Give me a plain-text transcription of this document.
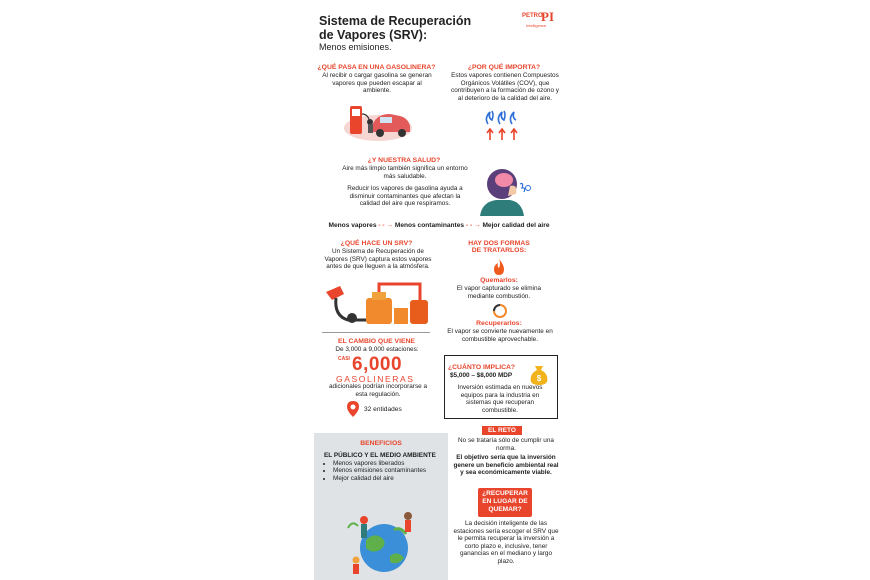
Sistema de Recuperación
de Vapores (SRV):
Menos emisiones.
PETRO
PI
Intelligence
¿QUÉ PASA EN UNA GASOLINERA?
Al recibir o cargar gasolina se generan vapores que pueden escapar al ambiente.
¿POR QUÉ IMPORTA?
Estos vapores contienen Compuestos Orgánicos Volátiles (COV), que contribuyen a la formación de ozono y al deterioro de la calidad del aire.
¿Y NUESTRA SALUD?
Aire más limpio también significa un entorno más saludable.
Reducir los vapores de gasolina ayuda a disminuir contaminantes que afectan la calidad del aire que respiramos.
Menos vapores - - → Menos contaminantes - - → Mejor calidad del aire
¿QUÉ HACE UN SRV?
Un Sistema de Recuperación de Vapores (SRV) captura estos vapores antes de que lleguen a la atmósfera.
HAY DOS FORMAS
DE TRATARLOS:
Quemarlos:
El vapor capturado se elimina mediante combustión.
Recuperarlos:
El vapor se convierte nuevamente en combustible aprovechable.
EL CAMBIO QUE VIENE
De 3,000 a 9,000 estaciones:
CASI 6,000
GASOLINERAS
adicionales podrían incorporarse a esta regulación.
32 entidades
¿CUÁNTO IMPLICA?
$5,000 – $8,000 MDP	$
Inversión estimada en nuevos equipos para la industria en sistemas que recuperan combustible.
BENEFICIOS
EL PÚBLICO Y EL MEDIO AMBIENTE
• Menos vapores liberados
• Menos emisiones contaminantes
• Mejor calidad del aire
EL RETO
No se trataría sólo de cumplir una norma.
El objetivo sería que la inversión genere un beneficio ambiental real y sea económicamente viable.
¿RECUPERAR
EN LUGAR DE
QUEMAR?
La decisión inteligente de las estaciones sería escoger el SRV que le permita recuperar la inversión a corto plazo e, inclusive, tener ganancias en el mediano y largo plazo.
